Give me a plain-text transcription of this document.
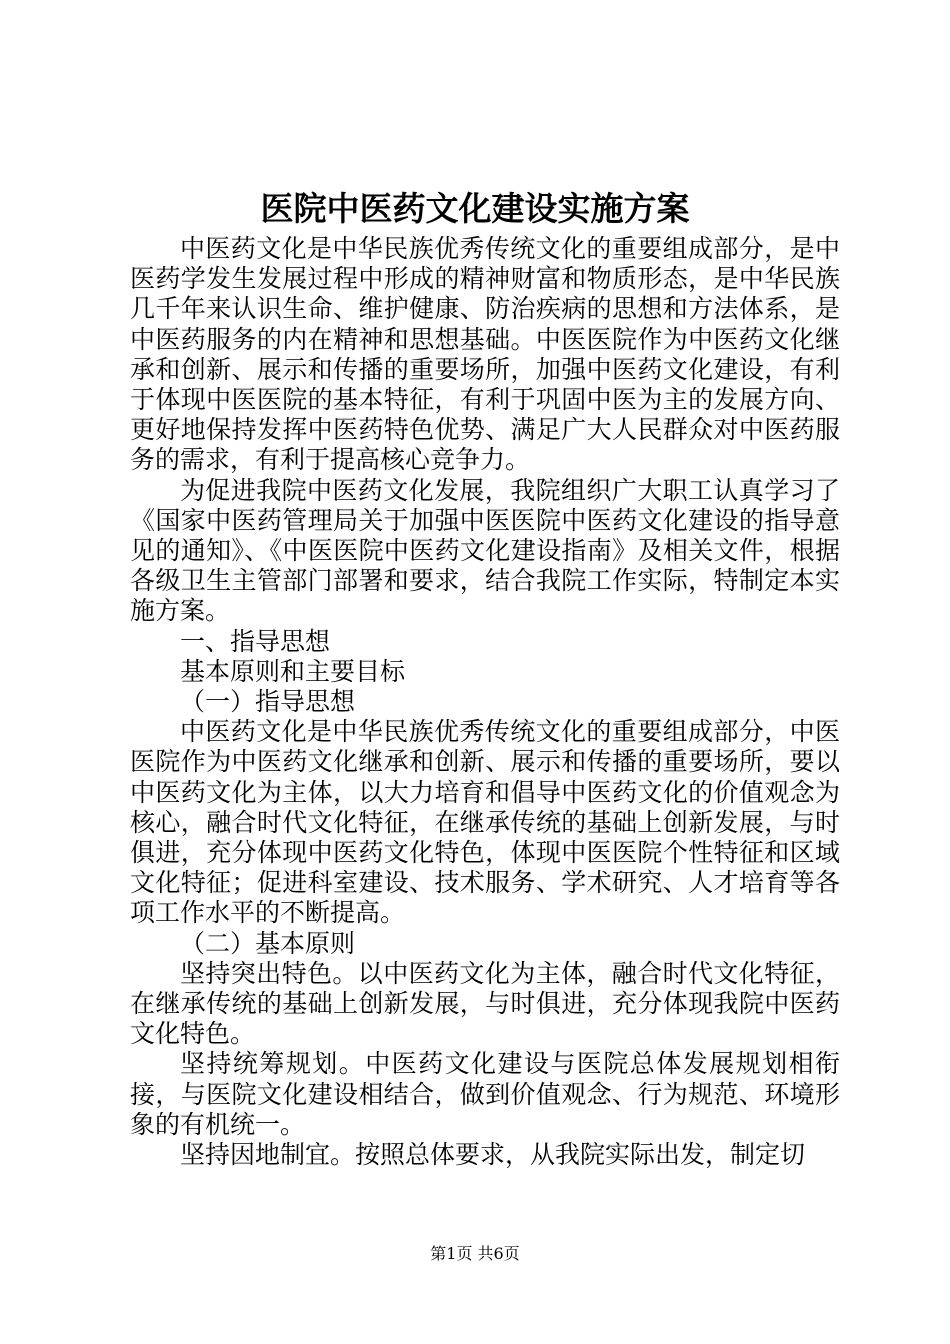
医院中医药文化建设实施方案

中医药文化是中华民族优秀传统文化的重要组成部分，是中医药学发生发展过程中形成的精神财富和物质形态，是中华民族几千年来认识生命、维护健康、防治疾病的思想和方法体系，是中医药服务的内在精神和思想基础。中医医院作为中医药文化继承和创新、展示和传播的重要场所，加强中医药文化建设，有利于体现中医医院的基本特征，有利于巩固中医为主的发展方向、更好地保持发挥中医药特色优势、满足广大人民群众对中医药服务的需求，有利于提高核心竞争力。

为促进我院中医药文化发展，我院组织广大职工认真学习了《国家中医药管理局关于加强中医医院中医药文化建设的指导意见的通知》、《中医医院中医药文化建设指南》及相关文件，根据各级卫生主管部门部署和要求，结合我院工作实际，特制定本实施方案。

一、指导思想

基本原则和主要目标

（一）指导思想

中医药文化是中华民族优秀传统文化的重要组成部分，中医医院作为中医药文化继承和创新、展示和传播的重要场所，要以中医药文化为主体，以大力培育和倡导中医药文化的价值观念为核心，融合时代文化特征，在继承传统的基础上创新发展，与时俱进，充分体现中医药文化特色，体现中医医院个性特征和区域文化特征；促进科室建设、技术服务、学术研究、人才培育等各项工作水平的不断提高。

（二）基本原则

坚持突出特色。以中医药文化为主体，融合时代文化特征，在继承传统的基础上创新发展，与时俱进，充分体现我院中医药文化特色。

坚持统筹规划。中医药文化建设与医院总体发展规划相衔接，与医院文化建设相结合，做到价值观念、行为规范、环境形象的有机统一。

坚持因地制宜。按照总体要求，从我院实际出发，制定切

第1页 共6页
